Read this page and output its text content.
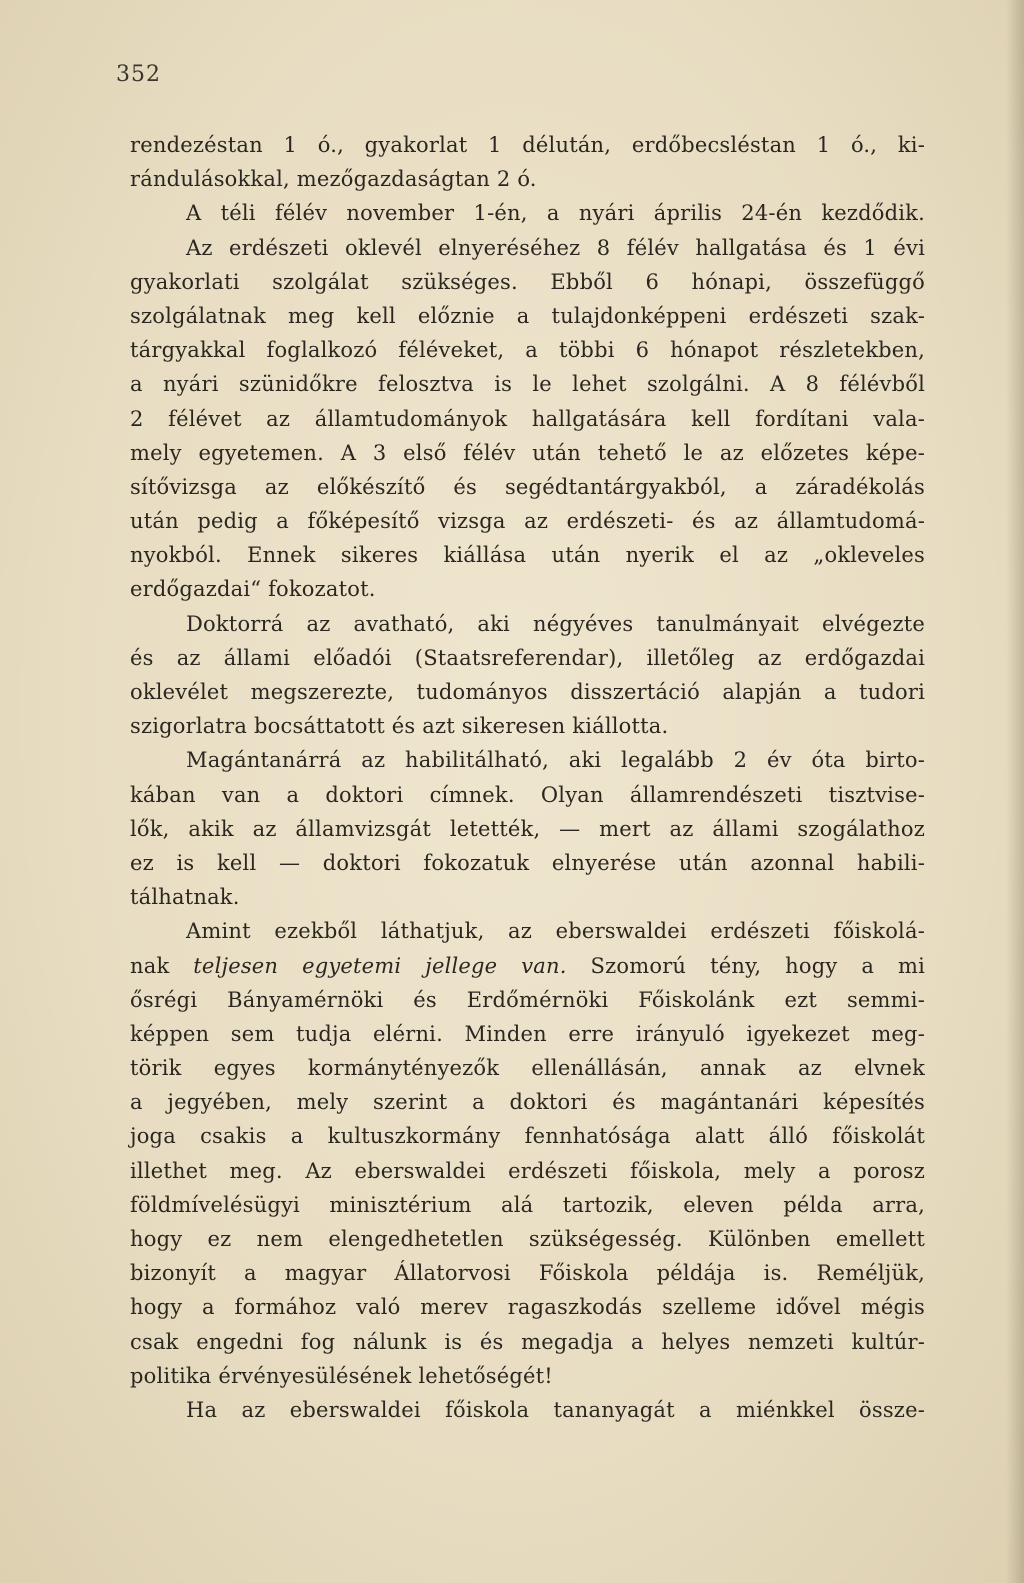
352
rendezéstan 1 ó., gyakorlat 1 délután, erdőbecsléstan 1 ó., ki-
rándulásokkal, mezőgazdaságtan 2 ó.
A téli félév november 1-én, a nyári április 24-én kezdődik.
Az erdészeti oklevél elnyeréséhez 8 félév hallgatása és 1 évi
gyakorlati szolgálat szükséges. Ebből 6 hónapi, összefüggő
szolgálatnak meg kell előznie a tulajdonképpeni erdészeti szak-
tárgyakkal foglalkozó féléveket, a többi 6 hónapot részletekben,
a nyári szünidőkre felosztva is le lehet szolgálni. A 8 félévből
2 félévet az államtudományok hallgatására kell fordítani vala-
mely egyetemen. A 3 első félév után tehető le az előzetes képe-
sítővizsga az előkészítő és segédtantárgyakból, a záradékolás
után pedig a főképesítő vizsga az erdészeti- és az államtudomá-
nyokból. Ennek sikeres kiállása után nyerik el az „okleveles
erdőgazdai“ fokozatot.
Doktorrá az avatható, aki négyéves tanulmányait elvégezte
és az állami előadói (Staatsreferendar), illetőleg az erdőgazdai
oklevélet megszerezte, tudományos disszertáció alapján a tudori
szigorlatra bocsáttatott és azt sikeresen kiállotta.
Magántanárrá az habilitálható, aki legalább 2 év óta birto-
kában van a doktori címnek. Olyan államrendészeti tisztvise-
lők, akik az államvizsgát letették, — mert az állami szogálathoz
ez is kell — doktori fokozatuk elnyerése után azonnal habili-
tálhatnak.
Amint ezekből láthatjuk, az eberswaldei erdészeti főiskolá-
nak teljesen egyetemi jellege van. Szomorú tény, hogy a mi
ősrégi Bányamérnöki és Erdőmérnöki Főiskolánk ezt semmi-
képpen sem tudja elérni. Minden erre irányuló igyekezet meg-
törik egyes kormánytényezők ellenállásán, annak az elvnek
a jegyében, mely szerint a doktori és magántanári képesítés
joga csakis a kultuszkormány fennhatósága alatt álló főiskolát
illethet meg. Az eberswaldei erdészeti főiskola, mely a porosz
földmívelésügyi minisztérium alá tartozik, eleven példa arra,
hogy ez nem elengedhetetlen szükségesség. Különben emellett
bizonyít a magyar Állatorvosi Főiskola példája is. Reméljük,
hogy a formához való merev ragaszkodás szelleme idővel mégis
csak engedni fog nálunk is és megadja a helyes nemzeti kultúr-
politika érvényesülésének lehetőségét!
Ha az eberswaldei főiskola tananyagát a miénkkel össze-
